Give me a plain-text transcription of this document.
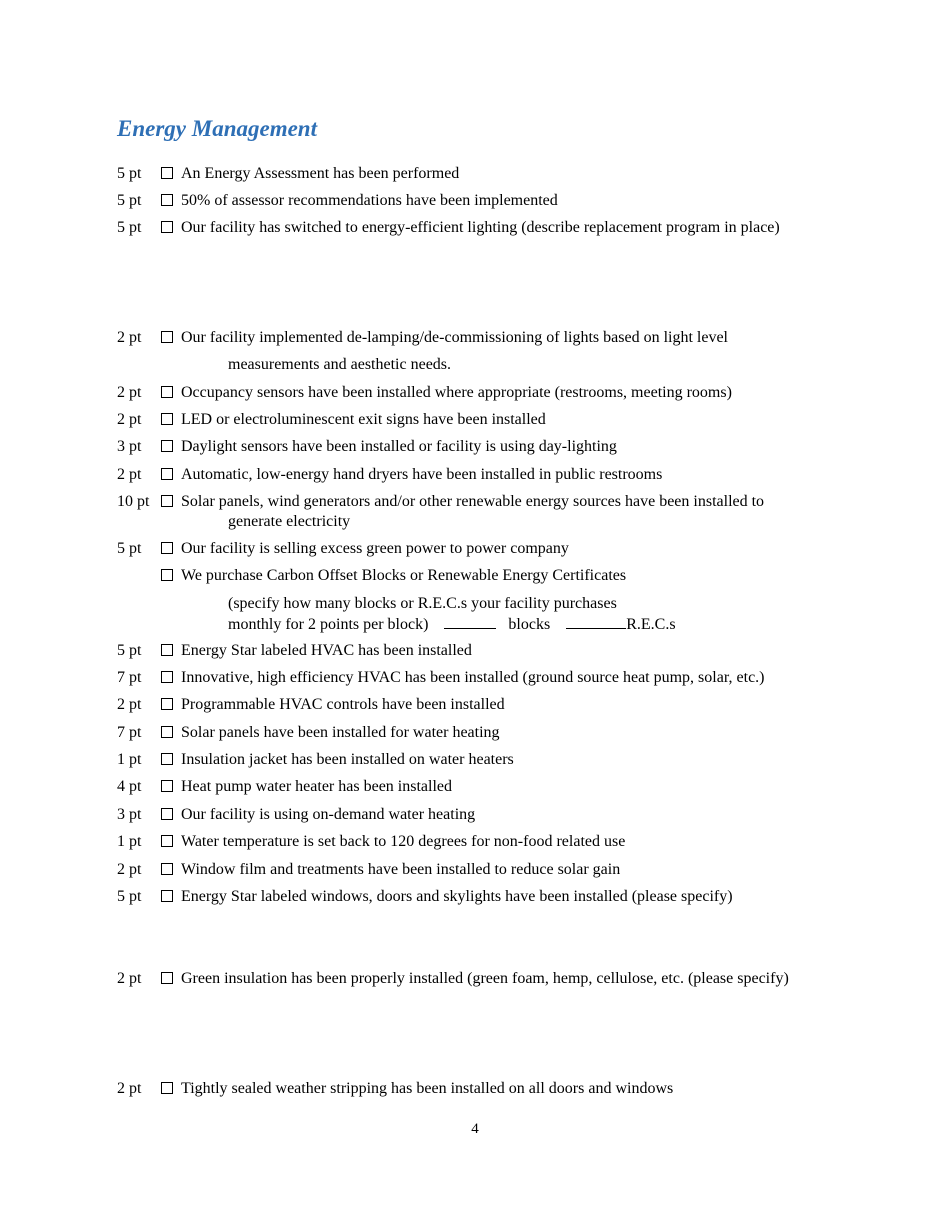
Energy Management
5 pt An Energy Assessment has been performed
5 pt 50% of assessor recommendations have been implemented
5 pt Our facility has switched to energy-efficient lighting (describe replacement program in place)
2 pt Our facility implemented de-lamping/de-commissioning of lights based on light level
measurements and aesthetic needs.
2 pt Occupancy sensors have been installed where appropriate (restrooms, meeting rooms)
2 pt LED or electroluminescent exit signs have been installed
3 pt Daylight sensors have been installed or facility is using day-lighting
2 pt Automatic, low-energy hand dryers have been installed in public restrooms
10 pt Solar panels, wind generators and/or other renewable energy sources have been installed to
generate electricity
5 pt Our facility is selling excess green power to power company
We purchase Carbon Offset Blocks or Renewable Energy Certificates
(specify how many blocks or R.E.C.s your facility purchases
monthly for 2 points per block)	blocks	R.E.C.s
5 pt Energy Star labeled HVAC has been installed
7 pt Innovative, high efficiency HVAC has been installed (ground source heat pump, solar, etc.)
2 pt Programmable HVAC controls have been installed
7 pt Solar panels have been installed for water heating
1 pt Insulation jacket has been installed on water heaters
4 pt Heat pump water heater has been installed
3 pt Our facility is using on-demand water heating
1 pt Water temperature is set back to 120 degrees for non-food related use
2 pt Window film and treatments have been installed to reduce solar gain
5 pt Energy Star labeled windows, doors and skylights have been installed (please specify)
2 pt Green insulation has been properly installed (green foam, hemp, cellulose, etc. (please specify)
2 pt Tightly sealed weather stripping has been installed on all doors and windows
4
